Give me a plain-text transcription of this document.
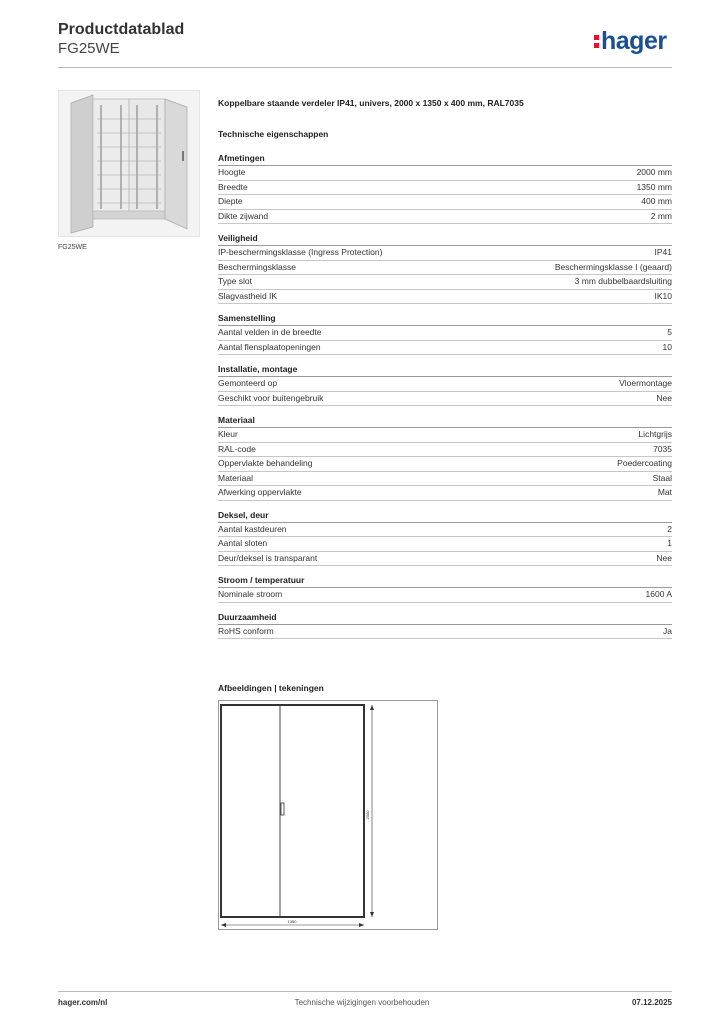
Productdatablad
FG25WE	hager
FG25WE
Koppelbare staande verdeler IP41, univers, 2000 x 1350 x 400 mm, RAL7035
Technische eigenschappen
Afmetingen
Hoogte	2000 mm
Breedte	1350 mm
Diepte	400 mm
Dikte zijwand	2 mm
Veiligheid
IP-beschermingsklasse (Ingress Protection)	IP41
Beschermingsklasse	Beschermingsklasse I (geaard)
Type slot	3 mm dubbelbaardsluiting
Slagvastheid IK	IK10
Samenstelling
Aantal velden in de breedte	5
Aantal flensplaatopeningen	10
Installatie, montage
Gemonteerd op	Vloermontage
Geschikt voor buitengebruik	Nee
Materiaal
Kleur	Lichtgrijs
RAL-code	7035
Oppervlakte behandeling	Poedercoating
Materiaal	Staal
Afwerking oppervlakte	Mat
Deksel, deur
Aantal kastdeuren	2
Aantal sloten	1
Deur/deksel is transparant	Nee
Stroom / temperatuur
Nominale stroom	1600 A
Duurzaamheid
RoHS conform	Ja
Afbeeldingen | tekeningen
2000
1350
hager.com/nl	Technische wijzigingen voorbehouden	07.12.2025
